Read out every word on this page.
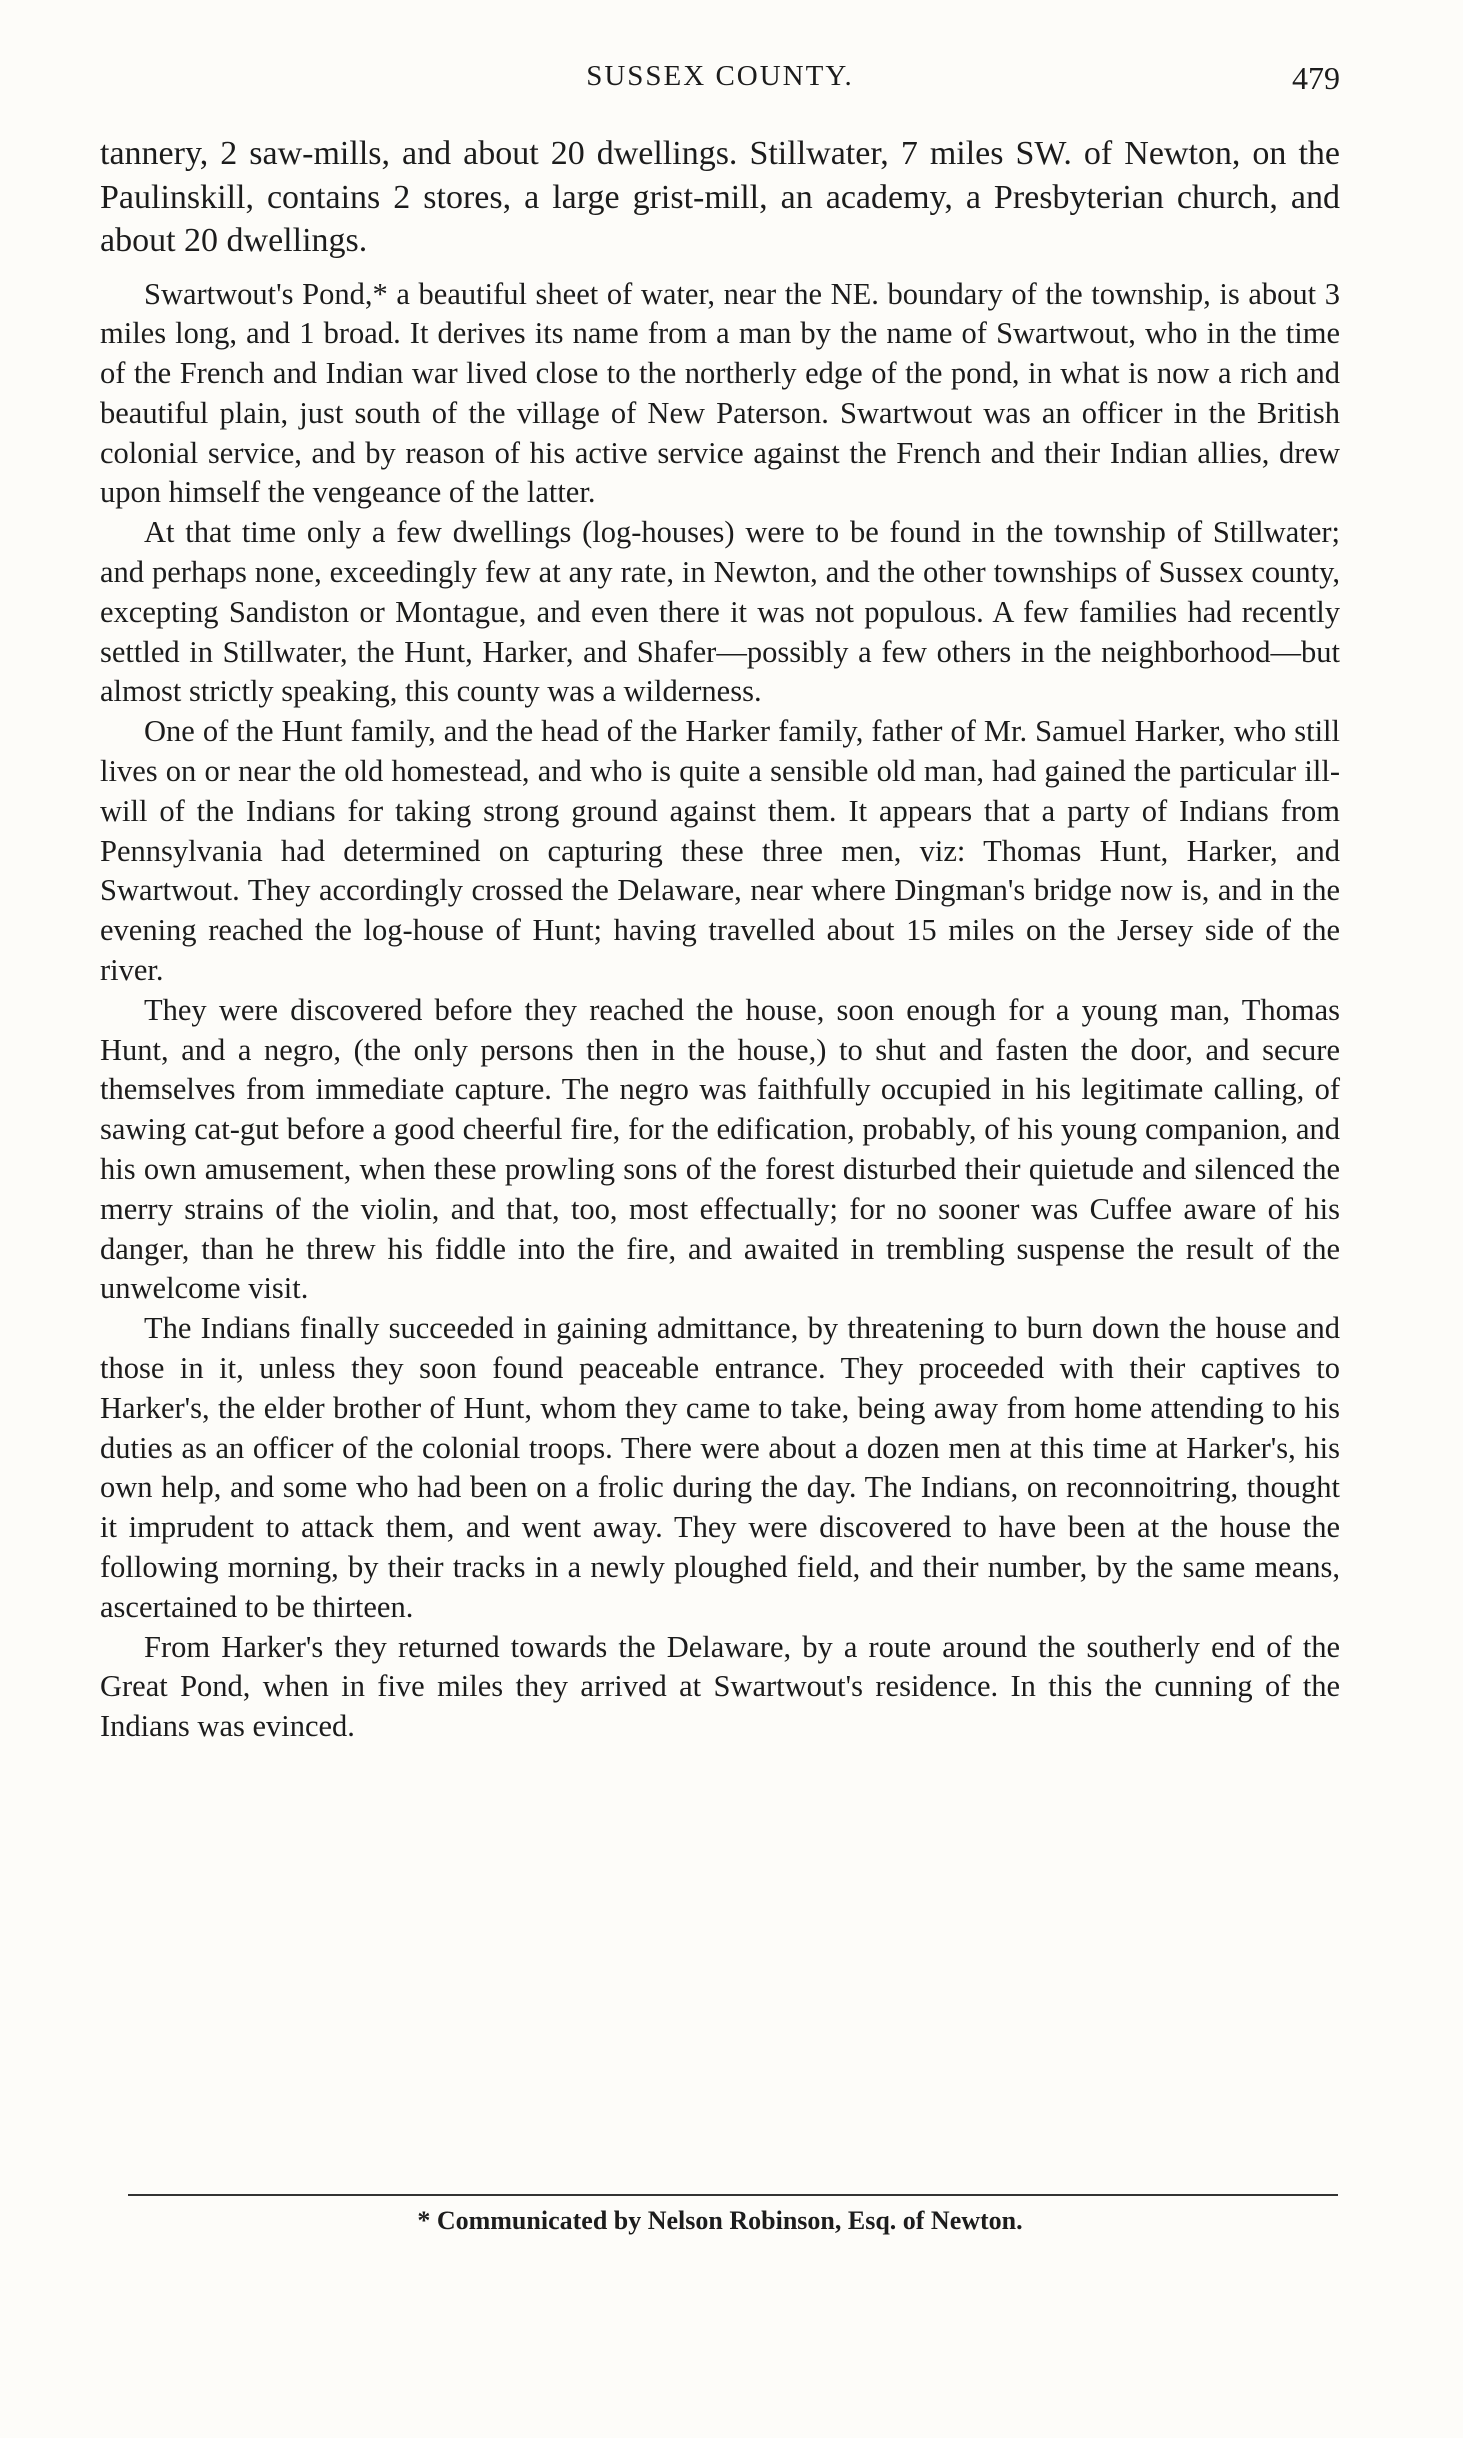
SUSSEX COUNTY.	479

tannery, 2 saw-mills, and about 20 dwellings. Stillwater, 7 miles SW. of Newton, on the Paulinskill, contains 2 stores, a large grist-mill, an academy, a Presbyterian church, and about 20 dwellings.

Swartwout's Pond,* a beautiful sheet of water, near the NE. boundary of the township, is about 3 miles long, and 1 broad. It derives its name from a man by the name of Swartwout, who in the time of the French and Indian war lived close to the northerly edge of the pond, in what is now a rich and beautiful plain, just south of the village of New Paterson. Swartwout was an officer in the British colonial service, and by reason of his active service against the French and their Indian allies, drew upon himself the vengeance of the latter.

At that time only a few dwellings (log-houses) were to be found in the township of Stillwater; and perhaps none, exceedingly few at any rate, in Newton, and the other townships of Sussex county, excepting Sandiston or Montague, and even there it was not populous. A few families had recently settled in Stillwater, the Hunt, Harker, and Shafer—possibly a few others in the neighborhood—but almost strictly speaking, this county was a wilderness.

One of the Hunt family, and the head of the Harker family, father of Mr. Samuel Harker, who still lives on or near the old homestead, and who is quite a sensible old man, had gained the particular ill-will of the Indians for taking strong ground against them. It appears that a party of Indians from Pennsylvania had determined on capturing these three men, viz: Thomas Hunt, Harker, and Swartwout. They accordingly crossed the Delaware, near where Dingman's bridge now is, and in the evening reached the log-house of Hunt; having travelled about 15 miles on the Jersey side of the river.

They were discovered before they reached the house, soon enough for a young man, Thomas Hunt, and a negro, (the only persons then in the house,) to shut and fasten the door, and secure themselves from immediate capture. The negro was faithfully occupied in his legitimate calling, of sawing cat-gut before a good cheerful fire, for the edification, probably, of his young companion, and his own amusement, when these prowling sons of the forest disturbed their quietude and silenced the merry strains of the violin, and that, too, most effectually; for no sooner was Cuffee aware of his danger, than he threw his fiddle into the fire, and awaited in trembling suspense the result of the unwelcome visit.

The Indians finally succeeded in gaining admittance, by threatening to burn down the house and those in it, unless they soon found peaceable entrance. They proceeded with their captives to Harker's, the elder brother of Hunt, whom they came to take, being away from home attending to his duties as an officer of the colonial troops. There were about a dozen men at this time at Harker's, his own help, and some who had been on a frolic during the day. The Indians, on reconnoitring, thought it imprudent to attack them, and went away. They were discovered to have been at the house the following morning, by their tracks in a newly ploughed field, and their number, by the same means, ascertained to be thirteen.

From Harker's they returned towards the Delaware, by a route around the southerly end of the Great Pond, when in five miles they arrived at Swartwout's residence. In this the cunning of the Indians was evinced.

* Communicated by Nelson Robinson, Esq. of Newton.
